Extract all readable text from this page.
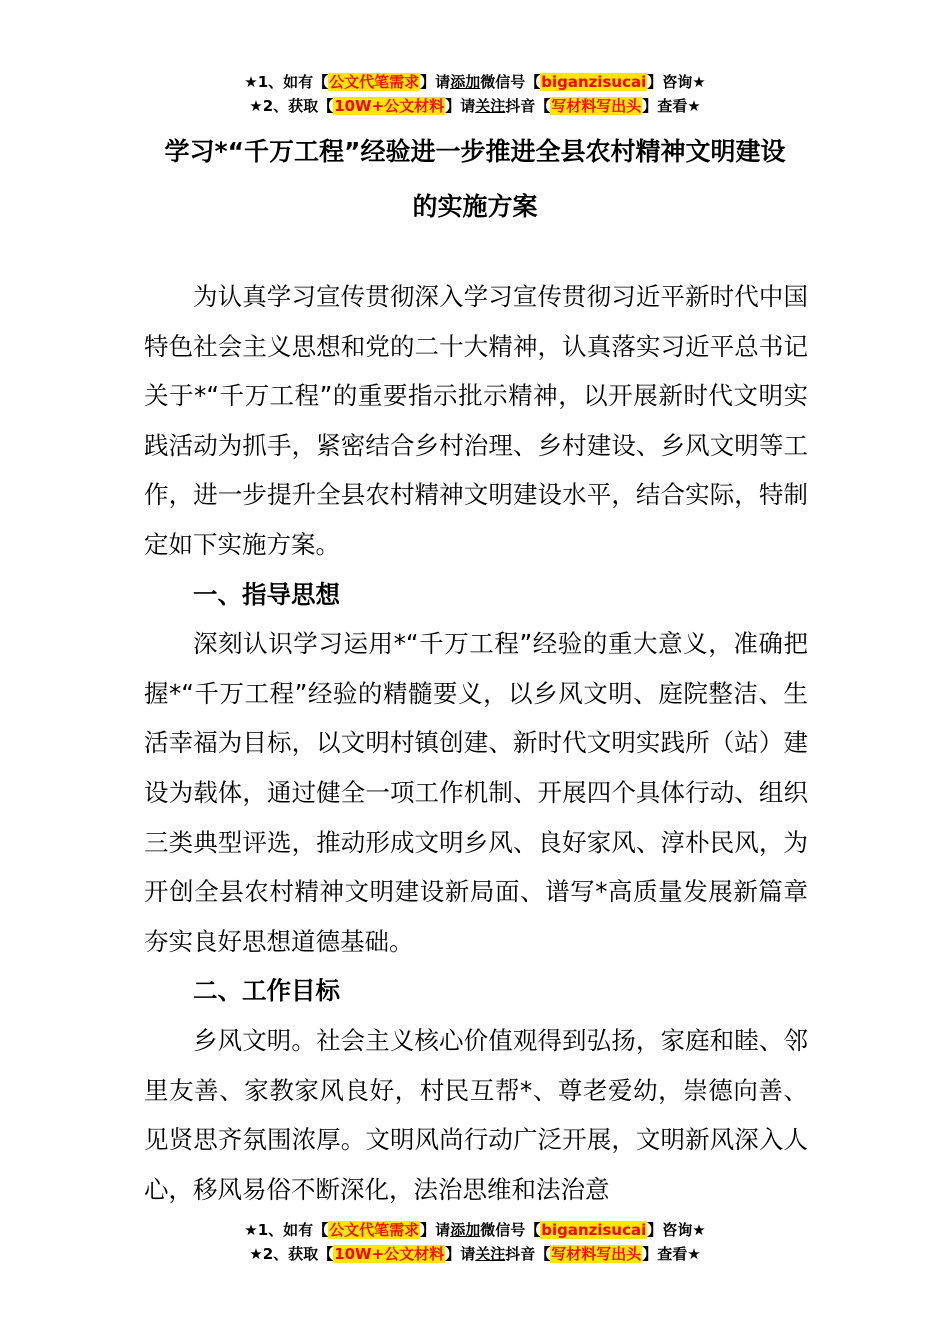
★1、如有【公文代笔需求】请添加微信号【biganzisucai】咨询★
★2、获取【10W+公文材料】请关注抖音【写材料写出头】查看★
学习*“千万工程”经验进一步推进全县农村精神文明建设
的实施方案

为认真学习宣传贯彻深入学习宣传贯彻习近平新时代中国特色社会主义思想和党的二十大精神，认真落实习近平总书记关于*“千万工程”的重要指示批示精神，以开展新时代文明实践活动为抓手，紧密结合乡村治理、乡村建设、乡风文明等工作，进一步提升全县农村精神文明建设水平，结合实际，特制定如下实施方案。

一、指导思想

深刻认识学习运用*“千万工程”经验的重大意义，准确把握*“千万工程”经验的精髓要义，以乡风文明、庭院整洁、生活幸福为目标，以文明村镇创建、新时代文明实践所（站）建设为载体，通过健全一项工作机制、开展四个具体行动、组织三类典型评选，推动形成文明乡风、良好家风、淳朴民风，为开创全县农村精神文明建设新局面、谱写*高质量发展新篇章夯实良好思想道德基础。

二、工作目标

乡风文明。社会主义核心价值观得到弘扬，家庭和睦、邻里友善、家教家风良好，村民互帮*、尊老爱幼，崇德向善、见贤思齐氛围浓厚。文明风尚行动广泛开展，文明新风深入人心，移风易俗不断深化，法治思维和法治意

★1、如有【公文代笔需求】请添加微信号【biganzisucai】咨询★
★2、获取【10W+公文材料】请关注抖音【写材料写出头】查看★
